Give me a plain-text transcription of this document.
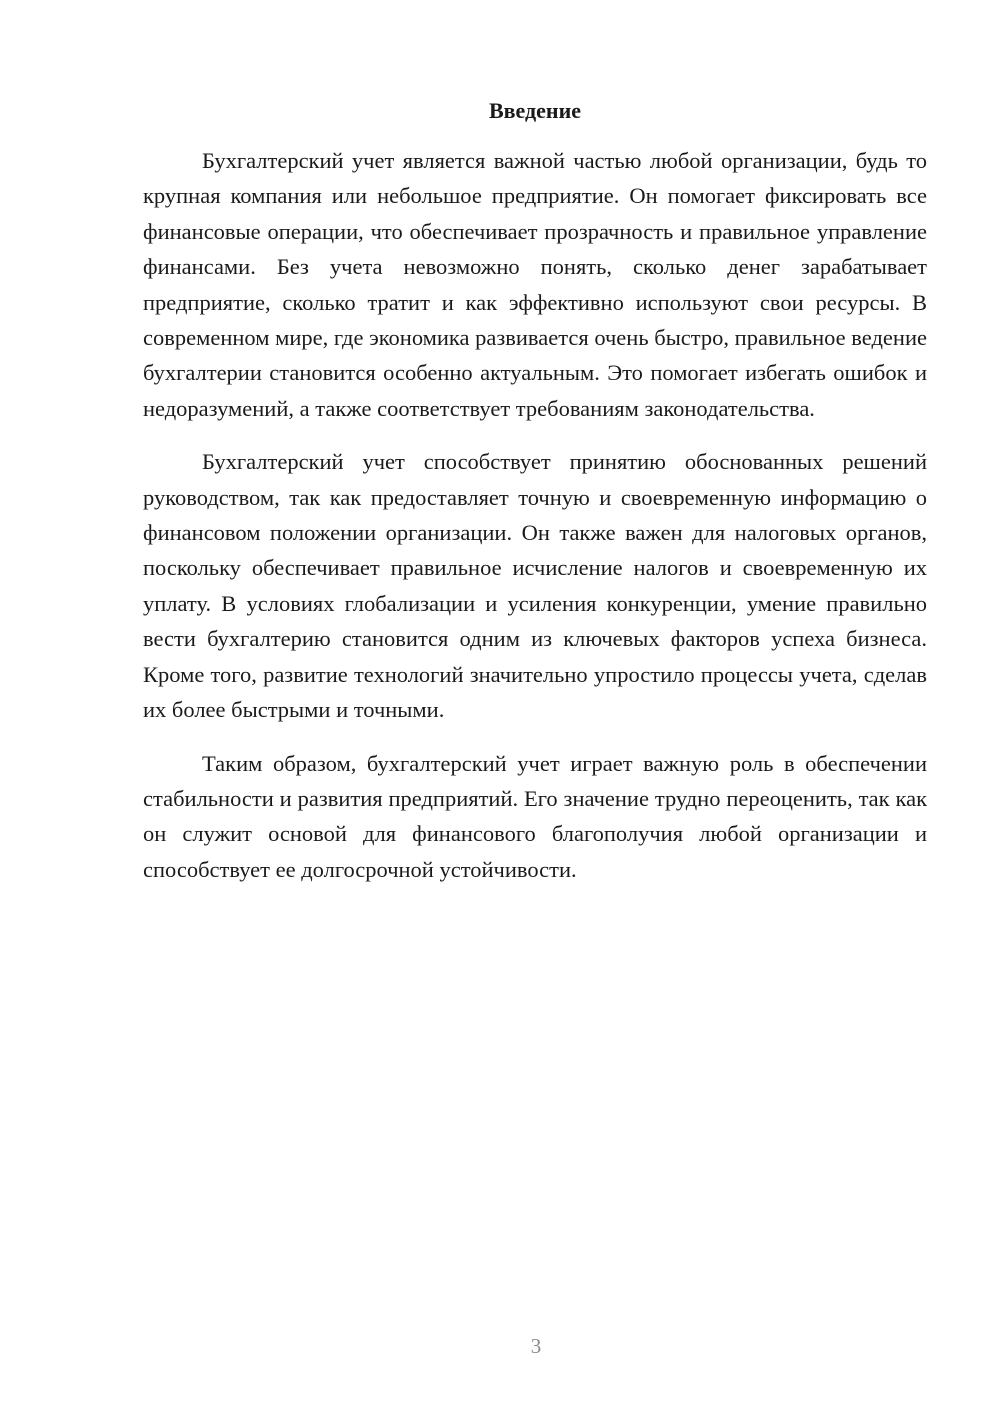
Введение

Бухгалтерский учет является важной частью любой организации, будь то крупная компания или небольшое предприятие. Он помогает фиксировать все финансовые операции, что обеспечивает прозрачность и правильное управление финансами. Без учета невозможно понять, сколько денег зарабатывает предприятие, сколько тратит и как эффективно используют свои ресурсы. В современном мире, где экономика развивается очень быстро, правильное ведение бухгалтерии становится особенно актуальным. Это помогает избегать ошибок и недоразумений, а также соответствует требованиям законодательства.

Бухгалтерский учет способствует принятию обоснованных решений руководством, так как предоставляет точную и своевременную информацию о финансовом положении организации. Он также важен для налоговых органов, поскольку обеспечивает правильное исчисление налогов и своевременную их уплату. В условиях глобализации и усиления конкуренции, умение правильно вести бухгалтерию становится одним из ключевых факторов успеха бизнеса. Кроме того, развитие технологий значительно упростило процессы учета, сделав их более быстрыми и точными.

Таким образом, бухгалтерский учет играет важную роль в обеспечении стабильности и развития предприятий. Его значение трудно переоценить, так как он служит основой для финансового благополучия любой организации и способствует ее долгосрочной устойчивости.

3
